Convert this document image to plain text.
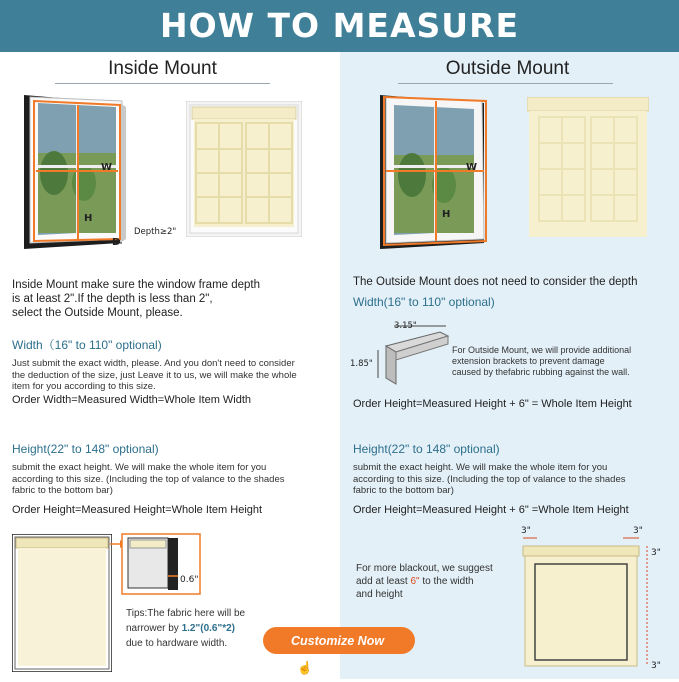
HOW TO MEASURE
Inside Mount
W
H
D
Depth≥2"
Inside Mount make sure the window frame depth
is at least 2".If the depth is less than 2",
select the Outside Mount, please.
Width（16" to 110" optional)
Just submit the exact width, please. And you don't need to consider
the deduction of the size, just Leave it to us, we will make the whole
item for you according to this size.
Order Width=Measured Width=Whole Item Width
Height(22" to 148" optional)
submit the exact height. We will make the whole item for you
according to this size. (Including the top of valance to the shades
fabric to the bottom bar)
Order Height=Measured Height=Whole Item Height
0.6"
Tips:The fabric here will be
narrower by 1.2"(0.6"*2)
due to hardware width.
Outside Mount
W
H
The Outside Mount does not need to consider the depth
Width(16" to 110" optional)
3.15"
1.85"
For Outside Mount, we will provide additional
extension brackets to prevent damage
caused by thefabric rubbing against the wall.
Order Height=Measured Height + 6" = Whole Item Height
Height(22" to 148" optional)
submit the exact height. We will make the whole item for you
according to this size. (Including the top of valance to the shades
fabric to the bottom bar)
Order Height=Measured Height + 6" =Whole Item Height
For more blackout, we suggest
add at least 6" to the width
and height
3"	3"
3"
3"
Customize Now ☝
